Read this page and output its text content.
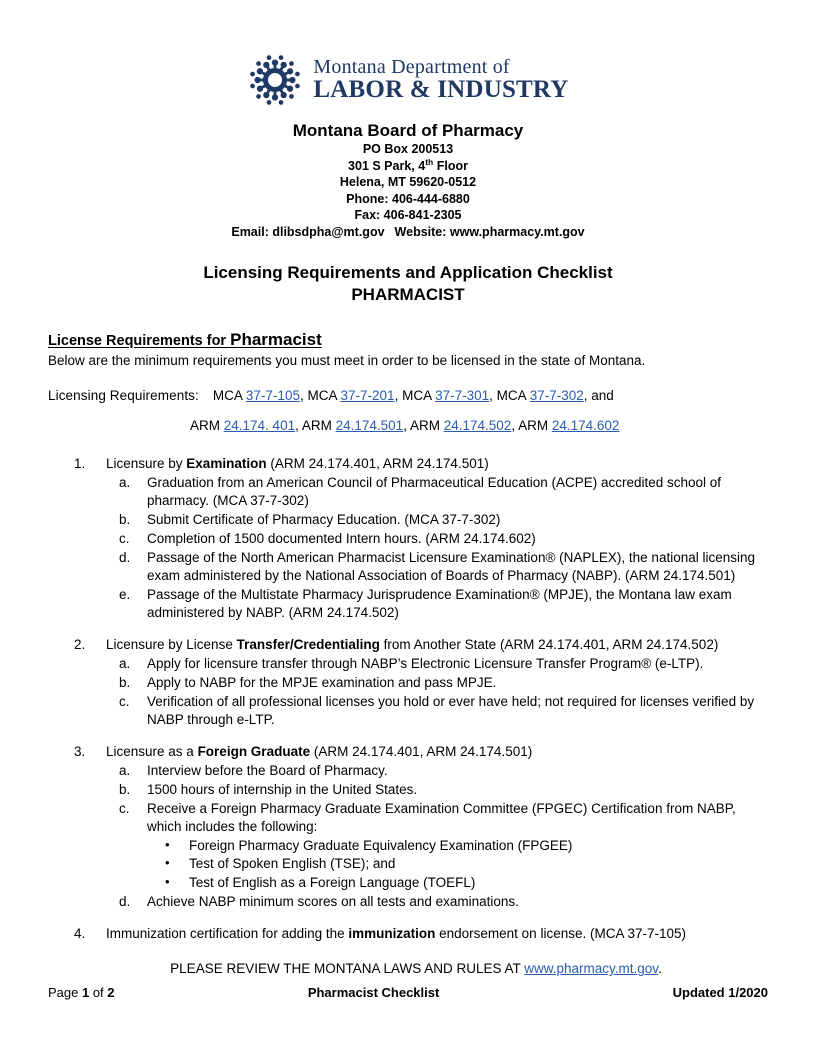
Montana Department of
LABOR & INDUSTRY
Montana Board of Pharmacy
PO Box 200513
301 S Park, 4th Floor
Helena, MT 59620-0512
Phone: 406-444-6880
Fax: 406-841-2305
Email: dlibsdpha@mt.gov Website: www.pharmacy.mt.gov
Licensing Requirements and Application Checklist
PHARMACIST
License Requirements for Pharmacist
Below are the minimum requirements you must meet in order to be licensed in the state of Montana.
Licensing Requirements: MCA 37-7-105, MCA 37-7-201, MCA 37-7-301, MCA 37-7-302, and
ARM 24.174. 401, ARM 24.174.501, ARM 24.174.502, ARM 24.174.602
1.	Licensure by Examination (ARM 24.174.401, ARM 24.174.501)
a.	Graduation from an American Council of Pharmaceutical Education (ACPE) accredited school of pharmacy. (MCA 37-7-302)
b.	Submit Certificate of Pharmacy Education. (MCA 37-7-302)
c.	Completion of 1500 documented Intern hours. (ARM 24.174.602)
d.	Passage of the North American Pharmacist Licensure Examination® (NAPLEX), the national licensing exam administered by the National Association of Boards of Pharmacy (NABP). (ARM 24.174.501)
e.	Passage of the Multistate Pharmacy Jurisprudence Examination® (MPJE), the Montana law exam administered by NABP. (ARM 24.174.502)
2.	Licensure by License Transfer/Credentialing from Another State (ARM 24.174.401, ARM 24.174.502)
a.	Apply for licensure transfer through NABP’s Electronic Licensure Transfer Program® (e-LTP).
b.	Apply to NABP for the MPJE examination and pass MPJE.
c.	Verification of all professional licenses you hold or ever have held; not required for licenses verified by NABP through e-LTP.
3.	Licensure as a Foreign Graduate (ARM 24.174.401, ARM 24.174.501)
a.	Interview before the Board of Pharmacy.
b.	1500 hours of internship in the United States.
c.	Receive a Foreign Pharmacy Graduate Examination Committee (FPGEC) Certification from NABP, which includes the following:
• Foreign Pharmacy Graduate Equivalency Examination (FPGEE)
• Test of Spoken English (TSE); and
• Test of English as a Foreign Language (TOEFL)
d.	Achieve NABP minimum scores on all tests and examinations.
4.	Immunization certification for adding the immunization endorsement on license. (MCA 37-7-105)
PLEASE REVIEW THE MONTANA LAWS AND RULES AT www.pharmacy.mt.gov.
Page 1 of 2	Pharmacist Checklist	Updated 1/2020
